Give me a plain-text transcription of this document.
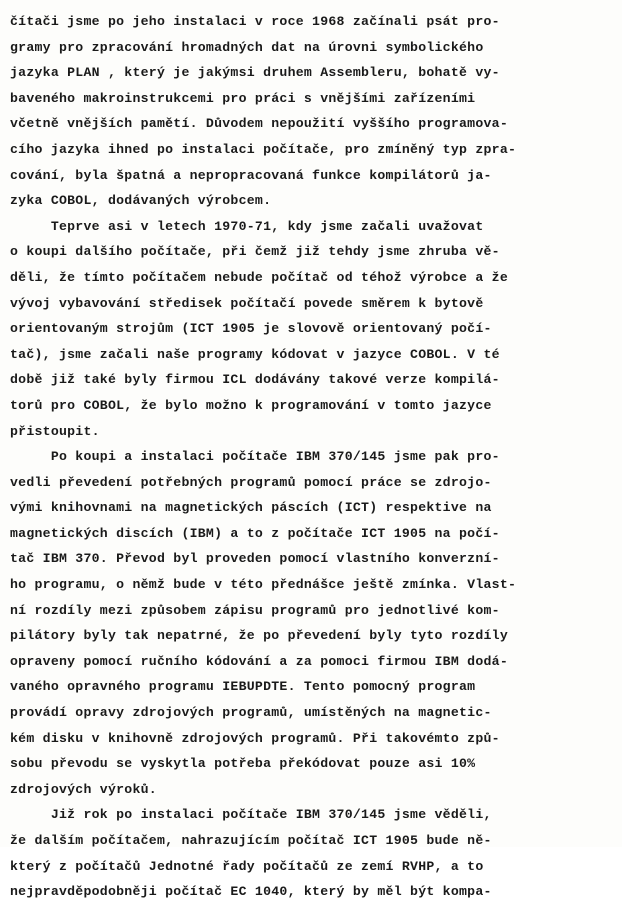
čítači jsme po jeho instalaci v roce 1968 začínali psát pro-
gramy pro zpracování hromadných dat na úrovni symbolického
jazyka PLAN , který je jakýmsi druhem Assembleru, bohatě vy-
baveného makroinstrukcemi pro práci s vnějšími zařízeními
včetně vnějších pamětí. Důvodem nepoužití vyššího programova-
cího jazyka ihned po instalaci počítače, pro zmíněný typ zpra-
cování, byla špatná a nepropracovaná funkce kompilátorů ja-
zyka COBOL, dodávaných výrobcem.
Teprve asi v letech 1970-71, kdy jsme začali uvažovat
o koupi dalšího počítače, při čemž již tehdy jsme zhruba vě-
děli, že tímto počítačem nebude počítač od téhož výrobce a že
vývoj vybavování středisek počítačí povede směrem k bytově
orientovaným strojům (ICT 1905 je slovově orientovaný počí-
tač), jsme začali naše programy kódovat v jazyce COBOL. V té
době již také byly firmou ICL dodávány takové verze kompilá-
torů pro COBOL, že bylo možno k programování v tomto jazyce
přistoupit.
Po koupi a instalaci počítače IBM 370/145 jsme pak pro-
vedli převedení potřebných programů pomocí práce se zdrojo-
vými knihovnami na magnetických páscích (ICT) respektive na
magnetických discích (IBM) a to z počítače ICT 1905 na počí-
tač IBM 370. Převod byl proveden pomocí vlastního konverzní-
ho programu, o němž bude v této přednášce ještě zmínka. Vlast-
ní rozdíly mezi způsobem zápisu programů pro jednotlivé kom-
pilátory byly tak nepatrné, že po převedení byly tyto rozdíly
opraveny pomocí ručního kódování a za pomoci firmou IBM dodá-
vaného opravného programu IEBUPDTE. Tento pomocný program
provádí opravy zdrojových programů, umístěných na magnetic-
kém disku v knihovně zdrojových programů. Při takovémto způ-
sobu převodu se vyskytla potřeba překódovat pouze asi 10%
zdrojových výroků.
Již rok po instalaci počítače IBM 370/145 jsme věděli,
že dalším počítačem, nahrazujícím počítač ICT 1905 bude ně-
který z počítačů Jednotné řady počítačů ze zemí RVHP, a to
nejpravděpodobněji počítač EC 1040, který by měl být kompa-
